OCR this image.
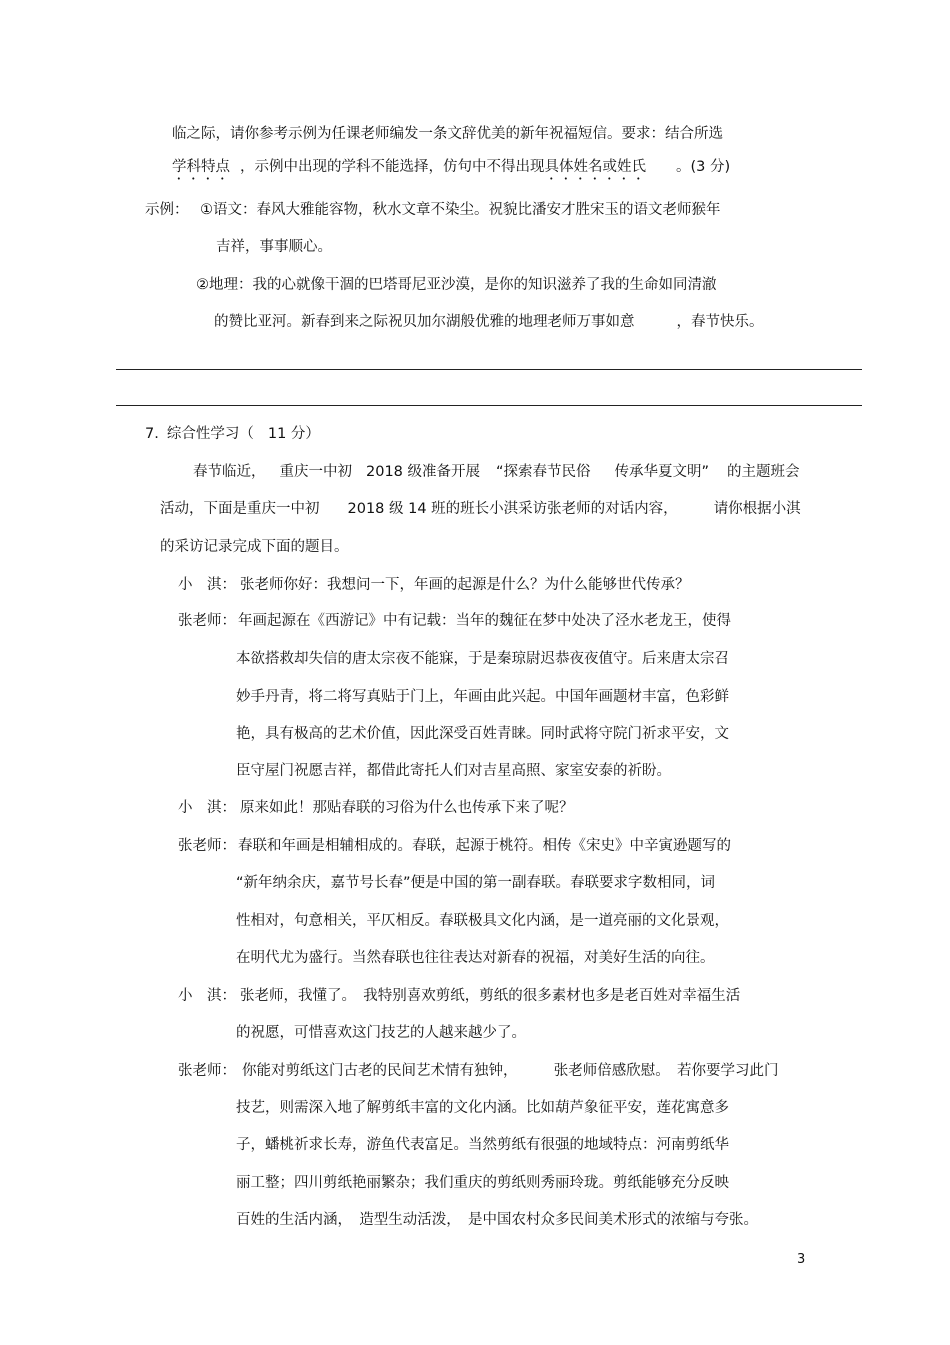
临之际，请你参考示例为任课老师编发一条文辞优美的新年祝福短信。要求：结合所选
学科特点 ，示例中出现的学科不能选择，仿句中不得出现具体姓名或姓氏 。(3 分)
示例： ①语文：春风大雅能容物，秋水文章不染尘。祝貌比潘安才胜宋玉的语文老师猴年
吉祥，事事顺心。
②地理：我的心就像干涸的巴塔哥尼亚沙漠，是你的知识滋养了我的生命如同清澈
的赞比亚河。新春到来之际祝贝加尔湖般优雅的地理老师万事如意	，春节快乐。
7. 综合性学习（ 11 分）
春节临近， 重庆一中初 2018 级准备开展 “探索春节民俗 传承华夏文明” 的主题班会
活动，下面是重庆一中初 2018 级 14 班的班长小淇采访张老师的对话内容， 请你根据小淇
的采访记录完成下面的题目。
小　淇： 张老师你好：我想问一下，年画的起源是什么？为什么能够世代传承？
张老师： 年画起源在《西游记》中有记载：当年的魏征在梦中处决了泾水老龙王，使得
本欲搭救却失信的唐太宗夜不能寐，于是秦琼尉迟恭夜夜值守。后来唐太宗召
妙手丹青，将二将写真贴于门上，年画由此兴起。中国年画题材丰富，色彩鲜
艳，具有极高的艺术价值，因此深受百姓青睐。同时武将守院门祈求平安，文
臣守屋门祝愿吉祥，都借此寄托人们对吉星高照、家室安泰的祈盼。
小　淇： 原来如此！那贴春联的习俗为什么也传承下来了呢？
张老师： 春联和年画是相辅相成的。春联，起源于桃符。相传《宋史》中辛寅逊题写的
“新年纳余庆，嘉节号长春”便是中国的第一副春联。春联要求字数相同，词
性相对，句意相关，平仄相反。春联极具文化内涵，是一道亮丽的文化景观，
在明代尤为盛行。当然春联也往往表达对新春的祝福，对美好生活的向往。
小　淇： 张老师，我懂了。　我特别喜欢剪纸，剪纸的很多素材也多是老百姓对幸福生活
的祝愿，可惜喜欢这门技艺的人越来越少了。
张老师： 你能对剪纸这门古老的民间艺术情有独钟，　　　张老师倍感欣慰。　若你要学习此门
技艺，则需深入地了解剪纸丰富的文化内涵。比如葫芦象征平安，莲花寓意多
子，蟠桃祈求长寿，游鱼代表富足。当然剪纸有很强的地域特点：河南剪纸华
丽工整；四川剪纸艳丽繁杂；我们重庆的剪纸则秀丽玲珑。剪纸能够充分反映
百姓的生活内涵，　造型生动活泼，　是中国农村众多民间美术形式的浓缩与夸张。
3
